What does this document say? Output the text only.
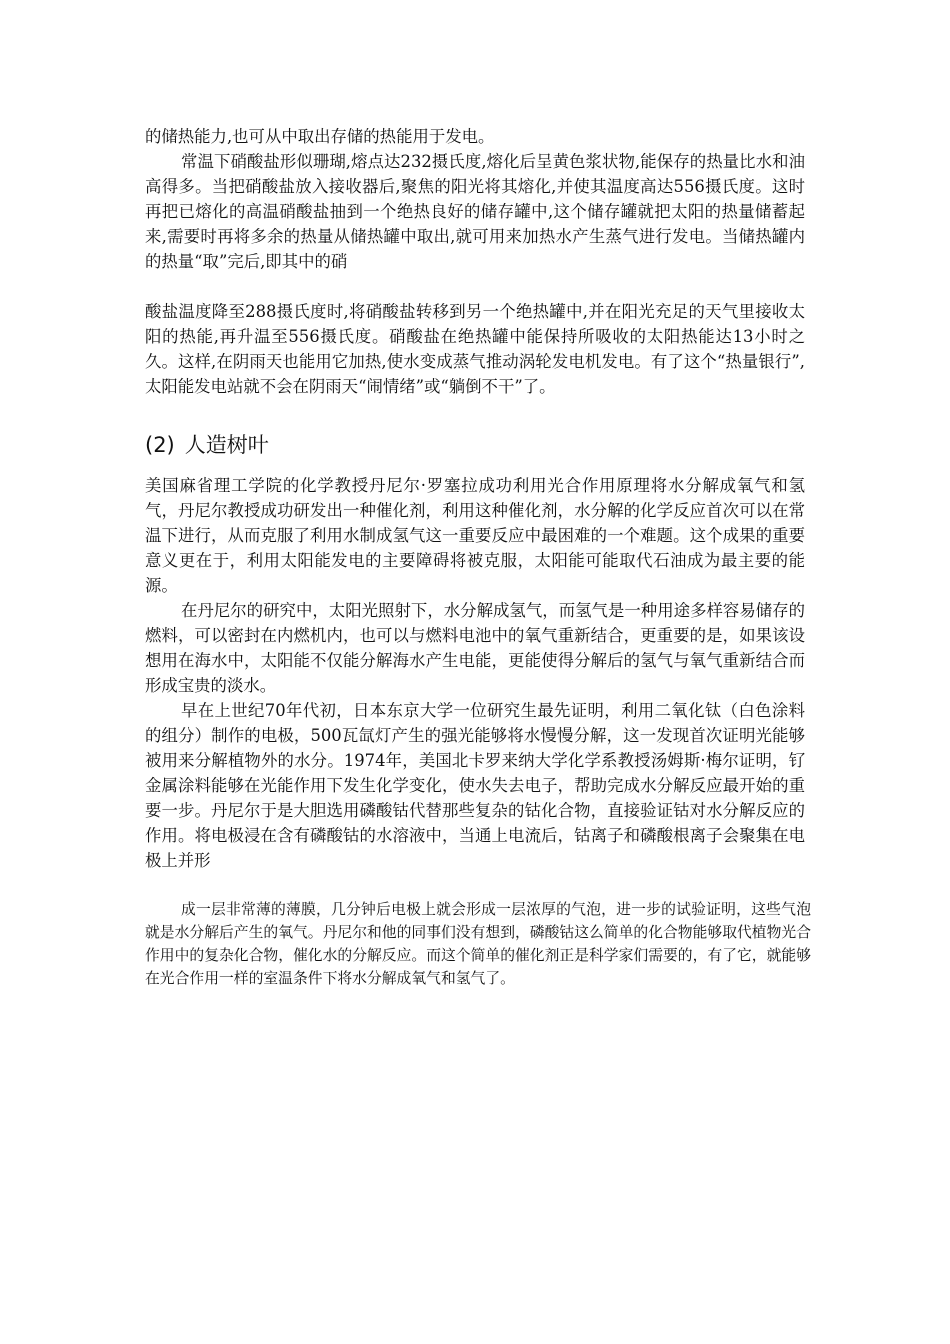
的储热能力,也可从中取出存储的热能用于发电。

常温下硝酸盐形似珊瑚,熔点达232摄氏度,熔化后呈黄色浆状物,能保存的热量比水和油高得多。当把硝酸盐放入接收器后,聚焦的阳光将其熔化,并使其温度高达556摄氏度。这时再把已熔化的高温硝酸盐抽到一个绝热良好的储存罐中,这个储存罐就把太阳的热量储蓄起来,需要时再将多余的热量从储热罐中取出,就可用来加热水产生蒸气进行发电。当储热罐内的热量“取”完后,即其中的硝

酸盐温度降至288摄氏度时,将硝酸盐转移到另一个绝热罐中,并在阳光充足的天气里接收太阳的热能,再升温至556摄氏度。硝酸盐在绝热罐中能保持所吸收的太阳热能达13小时之久。这样,在阴雨天也能用它加热,使水变成蒸气推动涡轮发电机发电。有了这个“热量银行”,太阳能发电站就不会在阴雨天“闹情绪”或“躺倒不干”了。

(2) 人造树叶

美国麻省理工学院的化学教授丹尼尔·罗塞拉成功利用光合作用原理将水分解成氧气和氢气，丹尼尔教授成功研发出一种催化剂，利用这种催化剂，水分解的化学反应首次可以在常温下进行，从而克服了利用水制成氢气这一重要反应中最困难的一个难题。这个成果的重要意义更在于，利用太阳能发电的主要障碍将被克服，太阳能可能取代石油成为最主要的能源。

在丹尼尔的研究中，太阳光照射下，水分解成氢气，而氢气是一种用途多样容易储存的燃料，可以密封在内燃机内，也可以与燃料电池中的氧气重新结合，更重要的是，如果该设想用在海水中，太阳能不仅能分解海水产生电能，更能使得分解后的氢气与氧气重新结合而形成宝贵的淡水。

早在上世纪70年代初，日本东京大学一位研究生最先证明，利用二氧化钛（白色涂料的组分）制作的电极，500瓦氙灯产生的强光能够将水慢慢分解，这一发现首次证明光能够被用来分解植物外的水分。1974年，美国北卡罗来纳大学化学系教授汤姆斯·梅尔证明，钌金属涂料能够在光能作用下发生化学变化，使水失去电子，帮助完成水分解反应最开始的重要一步。丹尼尔于是大胆选用磷酸钴代替那些复杂的钴化合物，直接验证钴对水分解反应的作用。将电极浸在含有磷酸钴的水溶液中，当通上电流后，钴离子和磷酸根离子会聚集在电极上并形

成一层非常薄的薄膜，几分钟后电极上就会形成一层浓厚的气泡，进一步的试验证明，这些气泡就是水分解后产生的氧气。丹尼尔和他的同事们没有想到，磷酸钴这么简单的化合物能够取代植物光合作用中的复杂化合物，催化水的分解反应。而这个简单的催化剂正是科学家们需要的，有了它，就能够在光合作用一样的室温条件下将水分解成氧气和氢气了。
